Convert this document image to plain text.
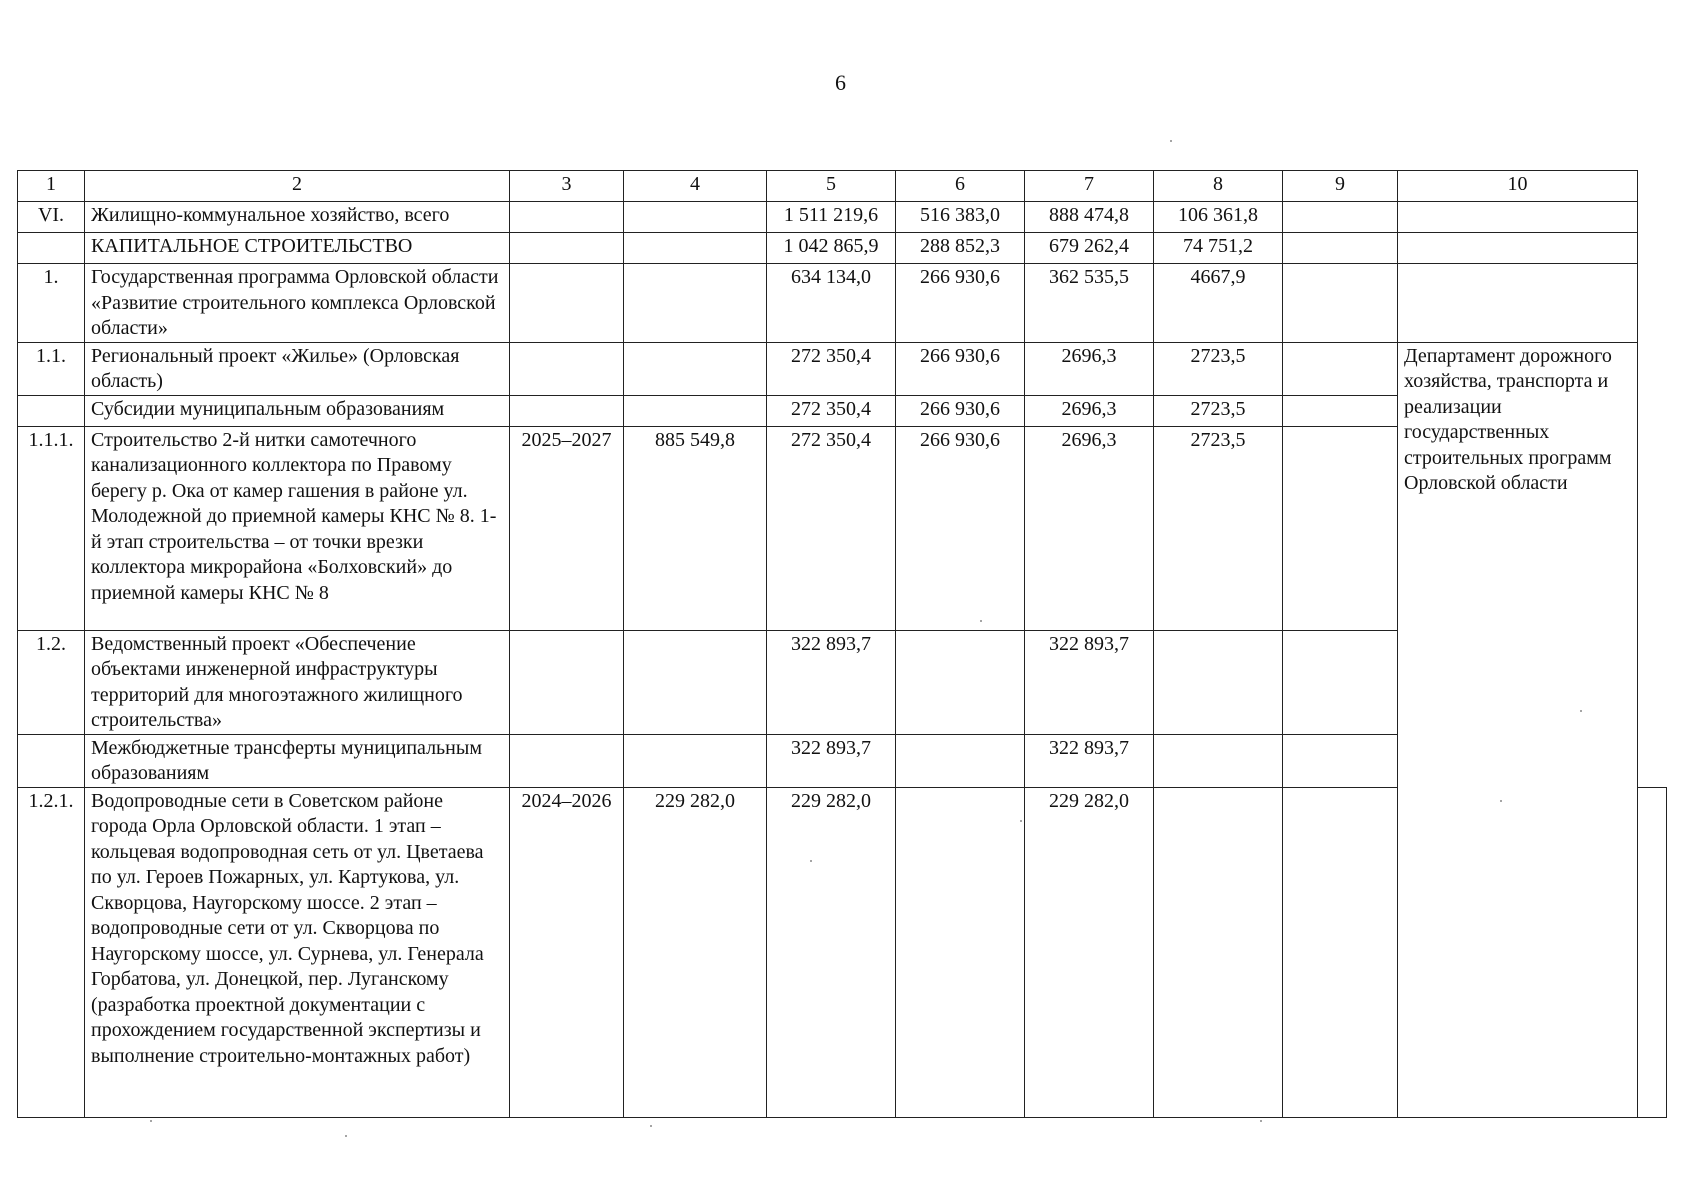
6
1	2	3	4	5	6	7	8	9	10	
VI.	Жилищно-коммунальное хозяйство, всего			1 511 219,6	516 383,0	888 474,8	106 361,8			
	КАПИТАЛЬНОЕ СТРОИТЕЛЬСТВО			1 042 865,9	288 852,3	679 262,4	74 751,2			
1.	Государственная программа Орловской области «Развитие строительного комплекса Орловской области»			634 134,0	266 930,6	362 535,5	4667,9			
1.1.	Региональный проект «Жилье» (Орловская область)			272 350,4	266 930,6	2696,3	2723,5		Департамент дорожного хозяйства, транспорта и реализации государственных строительных программ Орловской области	
	Субсидии муниципальным образованиям			272 350,4	266 930,6	2696,3	2723,5			
1.1.1.	Строительство 2-й нитки самотечного канализационного коллектора по Правому берегу р. Ока от камер гашения в районе ул. Молодежной до приемной камеры КНС № 8. 1-й этап строительства – от точки врезки коллектора микрорайона «Болховский» до приемной камеры КНС № 8	2025–2027	885 549,8	272 350,4	266 930,6	2696,3	2723,5			
1.2.	Ведомственный проект «Обеспечение объектами инженерной инфраструктуры территорий для многоэтажного жилищного строительства»			322 893,7		322 893,7				
	Межбюджетные трансферты муниципальным образованиям			322 893,7		322 893,7				
1.2.1.	Водопроводные сети в Советском районе города Орла Орловской области. 1 этап – кольцевая водопроводная сеть от ул. Цветаева по ул. Героев Пожарных, ул. Картукова, ул. Скворцова, Наугорскому шоссе. 2 этап – водопроводные сети от ул. Скворцова по Наугорскому шоссе, ул. Сурнева, ул. Генерала Горбатова, ул. Донецкой, пер. Луганскому (разработка проектной документации с прохождением государственной экспертизы и выполнение строительно-монтажных работ)	2024–2026	229 282,0	229 282,0		229 282,0				
